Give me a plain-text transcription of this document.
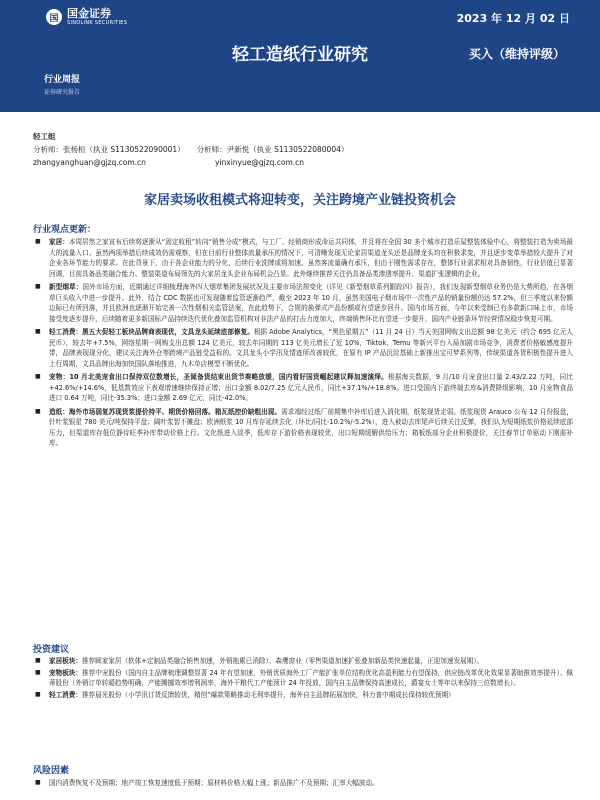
国 国金证券
SINOLINK SECURITIES	2023 年 12 月 02 日
轻工造纸行业研究	买入（维持评级）
行业周报
证券研究报告
轻工组
分析师：张杨桓（执业 S1130522090001） 分析师：尹新悦（执业 S1130522080004）
zhangyanghuan@gjzq.com.cn	yinxinyue@gjzq.com.cn
家居卖场收租模式将迎转变，关注跨境产业链投资机会
行业观点更新：
■ 家居：本周居然之家宣布后续将逐渐从“固定收租”转向“销售分成”模式，与工厂、经销商形成命运共同体，并且将在全国 30 多个城市打造乐屋整装体验中心，将整装打造为卖场最大的流量入口。虽然两项举措后续成效仍需观察，但在目前行业整体流量承压的情况下，可清晰发现无论家居渠道龙头还是品牌龙头均在积极求变，并且逐步变革举措较大提升了对企业各环节能力的要求。在此背景下，由于各企业能力的分化，后续行业洗牌或将加速。虽然客流量确有承压，但由于刚性需求存在，整体行业需求相对具备韧性，行业估值已显著回调，目前具备品类融合能力、整装渠道布局领先的大家居龙头企业布局机会凸显。此外继续推荐关注仍具备品类渗透率提升、渠道扩张逻辑的企业。
■ 新型烟草：国外市场方面，近期通过详细梳理海外四大烟草集团发展状况及主要市场法规变化（详见《新型烟草系列跟踪四》报告），我们发现新型烟草业务仍是大势所趋，在各烟草巨头收入中进一步提升。此外，结合 CDC 数据也可发现随着监管逐渐趋严，截至 2023 年 10 月，虽然美国电子烟市场中一次性产品的销量份额仍达 57.2%，但三季度以来份额边际已有所回落，并且欧洲也逐渐开始完善一次性烟相关监管法案，在此趋势下，合规的换弹式产品份额或有望逐步回升。国内市场方面，今年以来受制已有多款新口味上市，市场接受度逐步提升，后续随着更多新国标产品持续迭代优化叠加监管机构对非法产品的打击力度加大，终端销售环比有望进一步提升，国内产业链条环节经营情况稳步恢复可期。
■ 轻工消费：黑五大促轻工板块品牌商表现优，文具龙头延续底部修复。根据 Adobe Analytics，“黑色星期五”（11 月 24 日）当天美国网购支出总额 98 亿美元（约合 695 亿元人民币），较去年+7.5%，网络星期一网购支出总额 124 亿美元，较去年同期的 113 亿美元增长了近 10%，Tiktok、Temu 等新兴平台入局加剧市场竞争，消费者价格敏感度提升带，品牌表现现分化，建议关注海外仓等跨境产品链受益标的。文具龙头小学汛及情迹所改善较优，在原有 IP 产品沉淀基础上新推出宝可梦系列等，传统渠道各货积极性提升进入上行周期，文具品牌出海加快国队落地推进，九木单店模型不断优化。
■ 宠物：10 月北美宠食出口保持双位数增长，圣诞备货结束出货节奏略放缓，国内看好国货崛起建议释加速演绎。根据海关数据，9 月/10 月宠食出口量 2.43/2.22 万吨，同比+42.6%/+14.6%，低基数效应下表观增速继续保持正增；出口金额 8.02/7.25 亿元人民币，同比+37.1%/+18.8%。进口受国内下游终端去库&消费降级影响，10 月宠物食品进口 0.64 万吨，同比-35.3%；进口金额 2.69 亿元，同比-42.0%。
■ 造纸：海外市场弱复苏现货浆提价持平、期货价格回落。箱瓦纸控价缺粗出现。需求端经过纸厂前期集中补库后进入消化期，纸浆现货走弱。纸浆现货 Arauco 公布 12 月份报盘，针叶浆银星 780 美元/吨保持平盘；阔叶浆智不摊盘；欧洲纸浆 10 月库存延续去化（环比/同比-10.2%/-5.2%），进入被动去库尾声后续关注反弹，我们认为短期纸浆价格延续底部压力，但渠道库存低位静待旺季补库带动价格上行。文化纸进入淡季，低库存下游价格表现较优，出口短期缓解供给压力；箱板纸部分企业积极提价，关注春节订单驱动下刚需补库。
投资建议
■ 家居板块：推荐顾家家居（软体+定制品类融合销售加速，外销拖累已消除）、森鹰窗业（零售渠道加速扩张叠加新品类快速起量，正迎加速发展期）。
■ 宠物板块：推荐中宠股份（国内自主品牌梳理调整显著 24 年有望加速，外销优质海外工厂产能扩张单位结构优化高盈利能力有望保持，供应链改革优化效果显著助推效率提升）、佩蒂股份（外销订单转暖趋势明确，产能腾挪效率增利润率，海外干粮代工产能预计 24 年投放，国内自主品牌保持高速成长，爵宴女士等年以来保持三位数增长）。
■ 轻工消费：推荐晨光股份（小学汛订货反馈较优，精创“爆款策略推动毛利率提升，海外自主品牌拓展加快，科力普中期成长保持较优预期）
风险因素
■ 国内消费恢复不及预期；地产竣工恢复速度低于预期；原材料价格大幅上涨；新品推广不及预期；汇率大幅波动。
